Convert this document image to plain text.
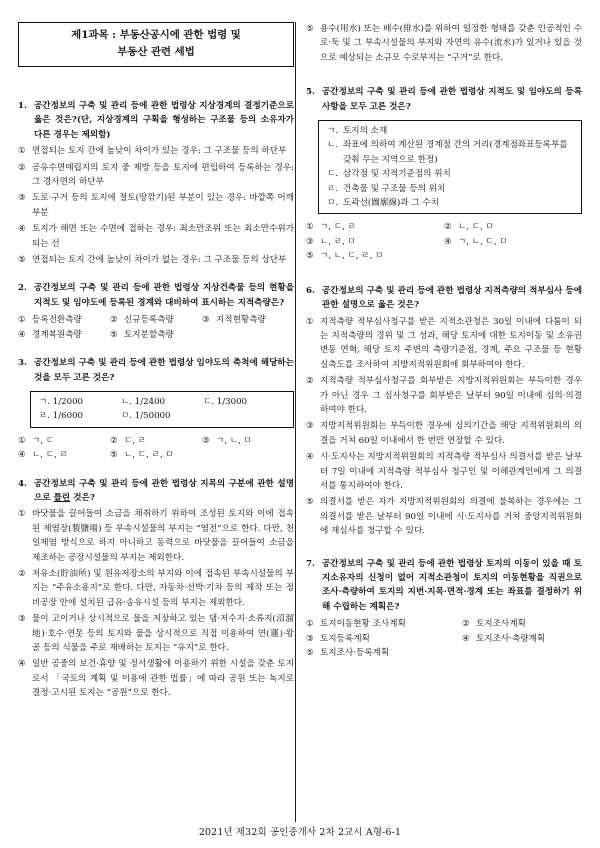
제1과목 : 부동산공시에 관한 법령 및
부동산 관련 세법
1. 공간정보의 구축 및 관리 등에 관한 법령상 지상경계의 결정기준으로 옳은 것은?(단, 지상경계의 구획을 형성하는 구조물 등의 소유자가 다른 경우는 제외함)
① 연접되는 토지 간에 높낮이 차이가 있는 경우: 그 구조물 등의 하단부
② 공유수면매립지의 토지 중 제방 등을 토지에 편입하여 등록하는 경우: 그 경사면의 하단부
③ 도로·구거 등의 토지에 절토(땅깎기)된 부분이 있는 경우: 바깥쪽 어깨부분
④ 토지가 해면 또는 수면에 접하는 경우: 최소만조위 또는 최소만수위가 되는 선
⑤ 연접되는 토지 간에 높낮이 차이가 없는 경우: 그 구조물 등의 상단부
2. 공간정보의 구축 및 관리 등에 관한 법령상 지상건축물 등의 현황을 지적도 및 임야도에 등록된 경계와 대비하여 표시하는 지적측량은?
① 등록전환측량	② 신규등록측량	③ 지적현황측량
④ 경계복원측량	⑤ 토지분할측량
3. 공간정보의 구축 및 관리 등에 관한 법령상 임야도의 축척에 해당하는 것을 모두 고른 것은?
ㄱ. 1/2000	ㄴ. 1/2400	ㄷ. 1/3000
ㄹ. 1/6000	ㅁ. 1/50000
① ㄱ, ㄷ	② ㄷ, ㄹ	③ ㄱ, ㄴ, ㅁ
④ ㄴ, ㄷ, ㄹ	⑤ ㄴ, ㄷ, ㄹ, ㅁ
4. 공간정보의 구축 및 관리 등에 관한 법령상 지목의 구분에 관한 설명으로 틀린 것은?
① 바닷물을 끌어들여 소금을 채취하기 위하여 조성된 토지와 이에 접속된 제염장(製鹽場) 등 부속시설물의 부지는 “염전”으로 한다. 다만, 천일제염 방식으로 하지 아니하고 동력으로 바닷물을 끌어들여 소금을 제조하는 공장시설물의 부지는 제외한다.
② 저유소(貯油所) 및 원유저장소의 부지와 이에 접속된 부속시설물의 부지는 “주유소용지”로 한다. 다만, 자동차·선박·기차 등의 제작 또는 정비공장 안에 설치된 급유·송유시설 등의 부지는 제외한다.
③ 물이 고이거나 상시적으로 물을 저장하고 있는 댐·저수지·소류지(沼溜地)·호수·연못 등의 토지와 물을 상시적으로 직접 이용하여 연(蓮)·왕골 등의 식물을 주로 재배하는 토지는 “유지”로 한다.
④ 일반 공중의 보건·휴양 및 정서생활에 이용하기 위한 시설을 갖춘 토지로서 「국토의 계획 및 이용에 관한 법률」에 따라 공원 또는 녹지로 결정·고시된 토지는 “공원”으로 한다.
⑤ 용수(用水) 또는 배수(排水)를 위하여 일정한 형태를 갖춘 인공적인 수로·둑 및 그 부속시설물의 부지와 자연의 유수(流水)가 있거나 있을 것으로 예상되는 소규모 수로부지는 “구거”로 한다.
5. 공간정보의 구축 및 관리 등에 관한 법령상 지적도 및 임야도의 등록사항을 모두 고른 것은?
ㄱ. 토지의 소재
ㄴ. 좌표에 의하여 계산된 경계점 간의 거리(경계점좌표등록부를 갖춰 두는 지역으로 한정)
ㄷ. 삼각점 및 지적기준점의 위치
ㄹ. 건축물 및 구조물 등의 위치
ㅁ. 도곽선(圖廓線)과 그 수치
① ㄱ, ㄷ, ㄹ	② ㄴ, ㄷ, ㅁ
③ ㄴ, ㄹ, ㅁ	④ ㄱ, ㄴ, ㄷ, ㅁ
⑤ ㄱ, ㄴ, ㄷ, ㄹ, ㅁ
6. 공간정보의 구축 및 관리 등에 관한 법령상 지적측량의 적부심사 등에 관한 설명으로 옳은 것은?
① 지적측량 적부심사청구를 받은 지적소관청은 30일 이내에 다툼이 되는 지적측량의 경위 및 그 성과, 해당 토지에 대한 토지이동 및 소유권 변동 연혁, 해당 토지 주변의 측량기준점, 경계, 주요 구조물 등 현황 실측도를 조사하여 지방지적위원회에 회부하여야 한다.
② 지적측량 적부심사청구를 회부받은 지방지적위원회는 부득이한 경우가 아닌 경우 그 심사청구를 회부받은 날부터 90일 이내에 심의·의결하여야 한다.
③ 지방지적위원회는 부득이한 경우에 심의기간을 해당 지적위원회의 의결을 거쳐 60일 이내에서 한 번만 연장할 수 있다.
④ 시·도지사는 지방지적위원회의 지적측량 적부심사 의결서를 받은 날부터 7일 이내에 지적측량 적부심사 청구인 및 이해관계인에게 그 의결서를 통지하여야 한다.
⑤ 의결서를 받은 자가 지방지적위원회의 의결에 불복하는 경우에는 그 의결서를 받은 날부터 90일 이내에 시·도지사를 거쳐 중앙지적위원회에 재심사를 청구할 수 있다.
7. 공간정보의 구축 및 관리 등에 관한 법령상 토지의 이동이 있을 때 토지소유자의 신청이 없어 지적소관청이 토지의 이동현황을 직권으로 조사·측량하여 토지의 지번·지목·면적·경계 또는 좌표를 결정하기 위해 수립하는 계획은?
① 토지이동현황 조사계획	② 토지조사계획
③ 토지등록계획	④ 토지조사·측량계획
⑤ 토지조사·등록계획
2021년 제32회 공인중개사 2차 2교시 A형-6-1
